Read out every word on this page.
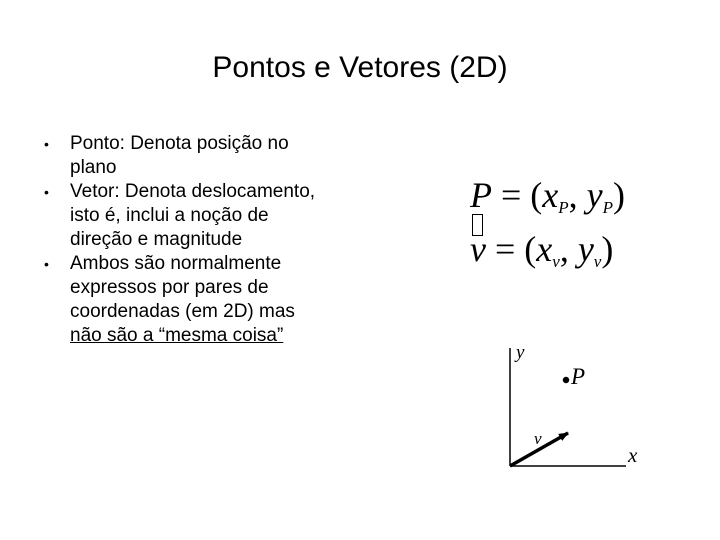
Pontos e Vetores (2D)
• Ponto: Denota posição no
plano
• Vetor: Denota deslocamento,
isto é, inclui a noção de
direção e magnitude
• Ambos são normalmente
expressos por pares de
coordenadas (em 2D) mas
não são a “mesma coisa”
$P = (x_P$, $y_P$)
$v = (x_v$, $y_v$)
y
x
P
v
